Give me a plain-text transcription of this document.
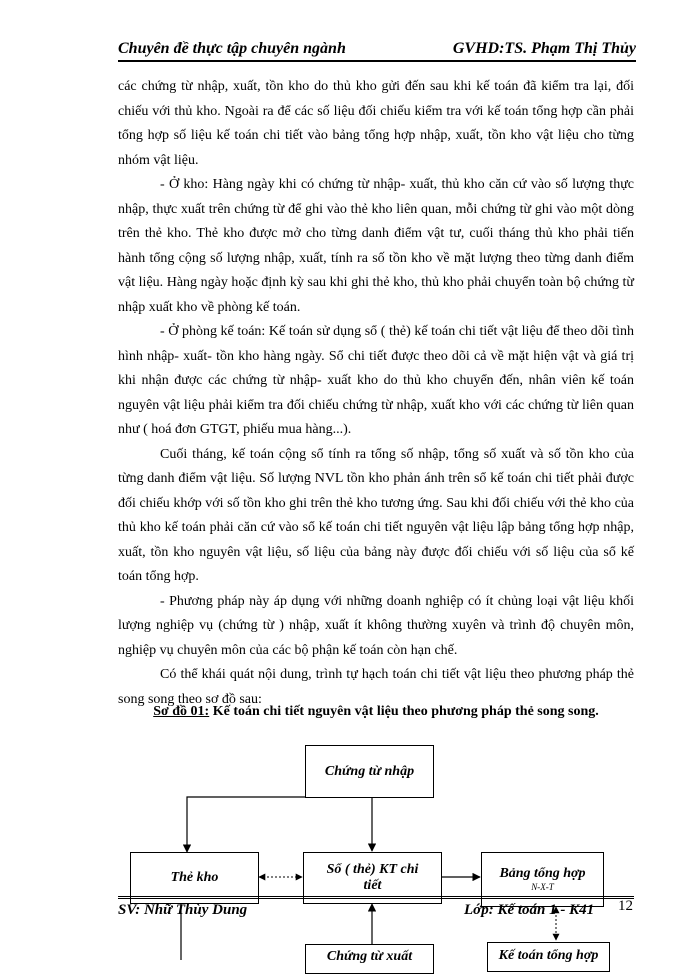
Chuyên đề thực tập chuyên ngành	GVHD:TS. Phạm Thị Thủy

các chứng từ nhập, xuất, tồn kho do thủ kho gửi đến sau khi kế toán đã kiểm tra lại, đối chiếu với thủ kho. Ngoài ra để các số liệu đối chiếu kiểm tra với kế toán tổng hợp cần phải tổng hợp số liệu kế toán chi tiết vào bảng tổng hợp nhập, xuất, tồn kho vật liệu cho từng nhóm vật liệu.

- Ở kho: Hàng ngày khi có chứng từ nhập- xuất, thủ kho căn cứ vào số lượng thực nhập, thực xuất trên chứng từ để ghi vào thẻ kho liên quan, mỗi chứng từ ghi vào một dòng trên thẻ kho. Thẻ kho được mở cho từng danh điểm vật tư, cuối tháng thủ kho phải tiến hành tổng cộng số lượng nhập, xuất, tính ra số tồn kho về mặt lượng theo từng danh điểm vật liệu. Hàng ngày hoặc định kỳ sau khi ghi thẻ kho, thủ kho phải chuyển toàn bộ chứng từ nhập xuất kho về phòng kế toán.

- Ở phòng kế toán: Kế toán sử dụng sổ ( thẻ) kế toán chi tiết vật liệu để theo dõi tình hình nhập- xuất- tồn kho hàng ngày. Sổ chi tiết được theo dõi cả về mặt hiện vật và giá trị khi nhận được các chứng từ nhập- xuất kho do thủ kho chuyển đến, nhân viên kế toán nguyên vật liệu phải kiểm tra đối chiếu chứng từ nhập, xuất kho với các chứng từ liên quan như ( hoá đơn GTGT, phiếu mua hàng...).

Cuối tháng, kế toán cộng sổ tính ra tổng số nhập, tổng số xuất và số tồn kho của từng danh điểm vật liệu. Số lượng NVL tồn kho phản ánh trên sổ kế toán chi tiết phải được đối chiếu khớp với số tồn kho ghi trên thẻ kho tương ứng. Sau khi đối chiếu với thẻ kho của thủ kho kế toán phải căn cứ vào sổ kế toán chi tiết nguyên vật liệu lập bảng tổng hợp nhập, xuất, tồn kho nguyên vật liệu, số liệu của bảng này được đối chiếu với số liệu của sổ kế toán tổng hợp.

- Phương pháp này áp dụng với những doanh nghiệp có ít chủng loại vật liệu khối lượng nghiệp vụ (chứng từ ) nhập, xuất ít không thường xuyên và trình độ chuyên môn, nghiệp vụ chuyên môn của các bộ phận kế toán còn hạn chế.

Có thể khái quát nội dung, trình tự hạch toán chi tiết vật liệu theo phương pháp thẻ song song theo sơ đồ sau:

Sơ đồ 01: Kế toán chi tiết nguyên vật liệu theo phương pháp thẻ song song.
Chứng từ nhập
Thẻ kho
Sổ ( thẻ) KT chi
tiết
Bảng tổng hợp
N-X-T
Chứng từ xuất	Kế toán tổng hợp
SV: Nhữ Thùy Dung	Lớp: Kế toán 1 - K41 12
